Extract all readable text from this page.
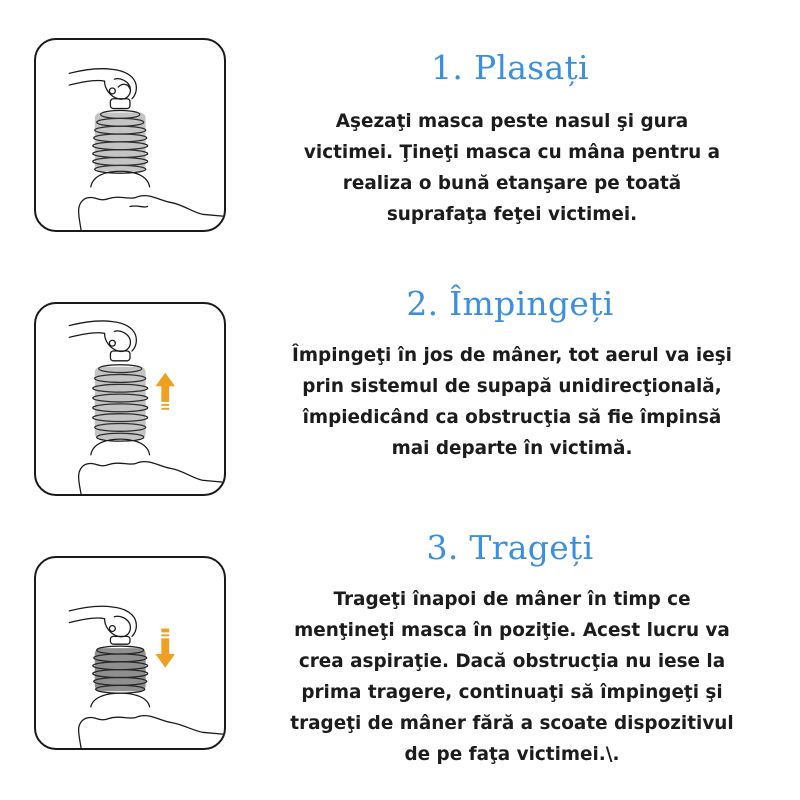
1. Plasați

Aşezaţi masca peste nasul şi gura
victimei. Ţineţi masca cu mâna pentru a
realiza o bună etanşare pe toată
suprafaţa feţei victimei.

2. Împingeți

Împingeţi în jos de mâner, tot aerul va ieşi
prin sistemul de supapă unidirecţională,
împiedicând ca obstrucţia să fie împinsă
mai departe în victimă.

3. Trageți

Trageţi înapoi de mâner în timp ce
menţineţi masca în poziţie. Acest lucru va
crea aspiraţie. Dacă obstrucţia nu iese la
prima tragere, continuaţi să împingeţi şi
trageţi de mâner fără a scoate dispozitivul
de pe faţa victimei.\.
